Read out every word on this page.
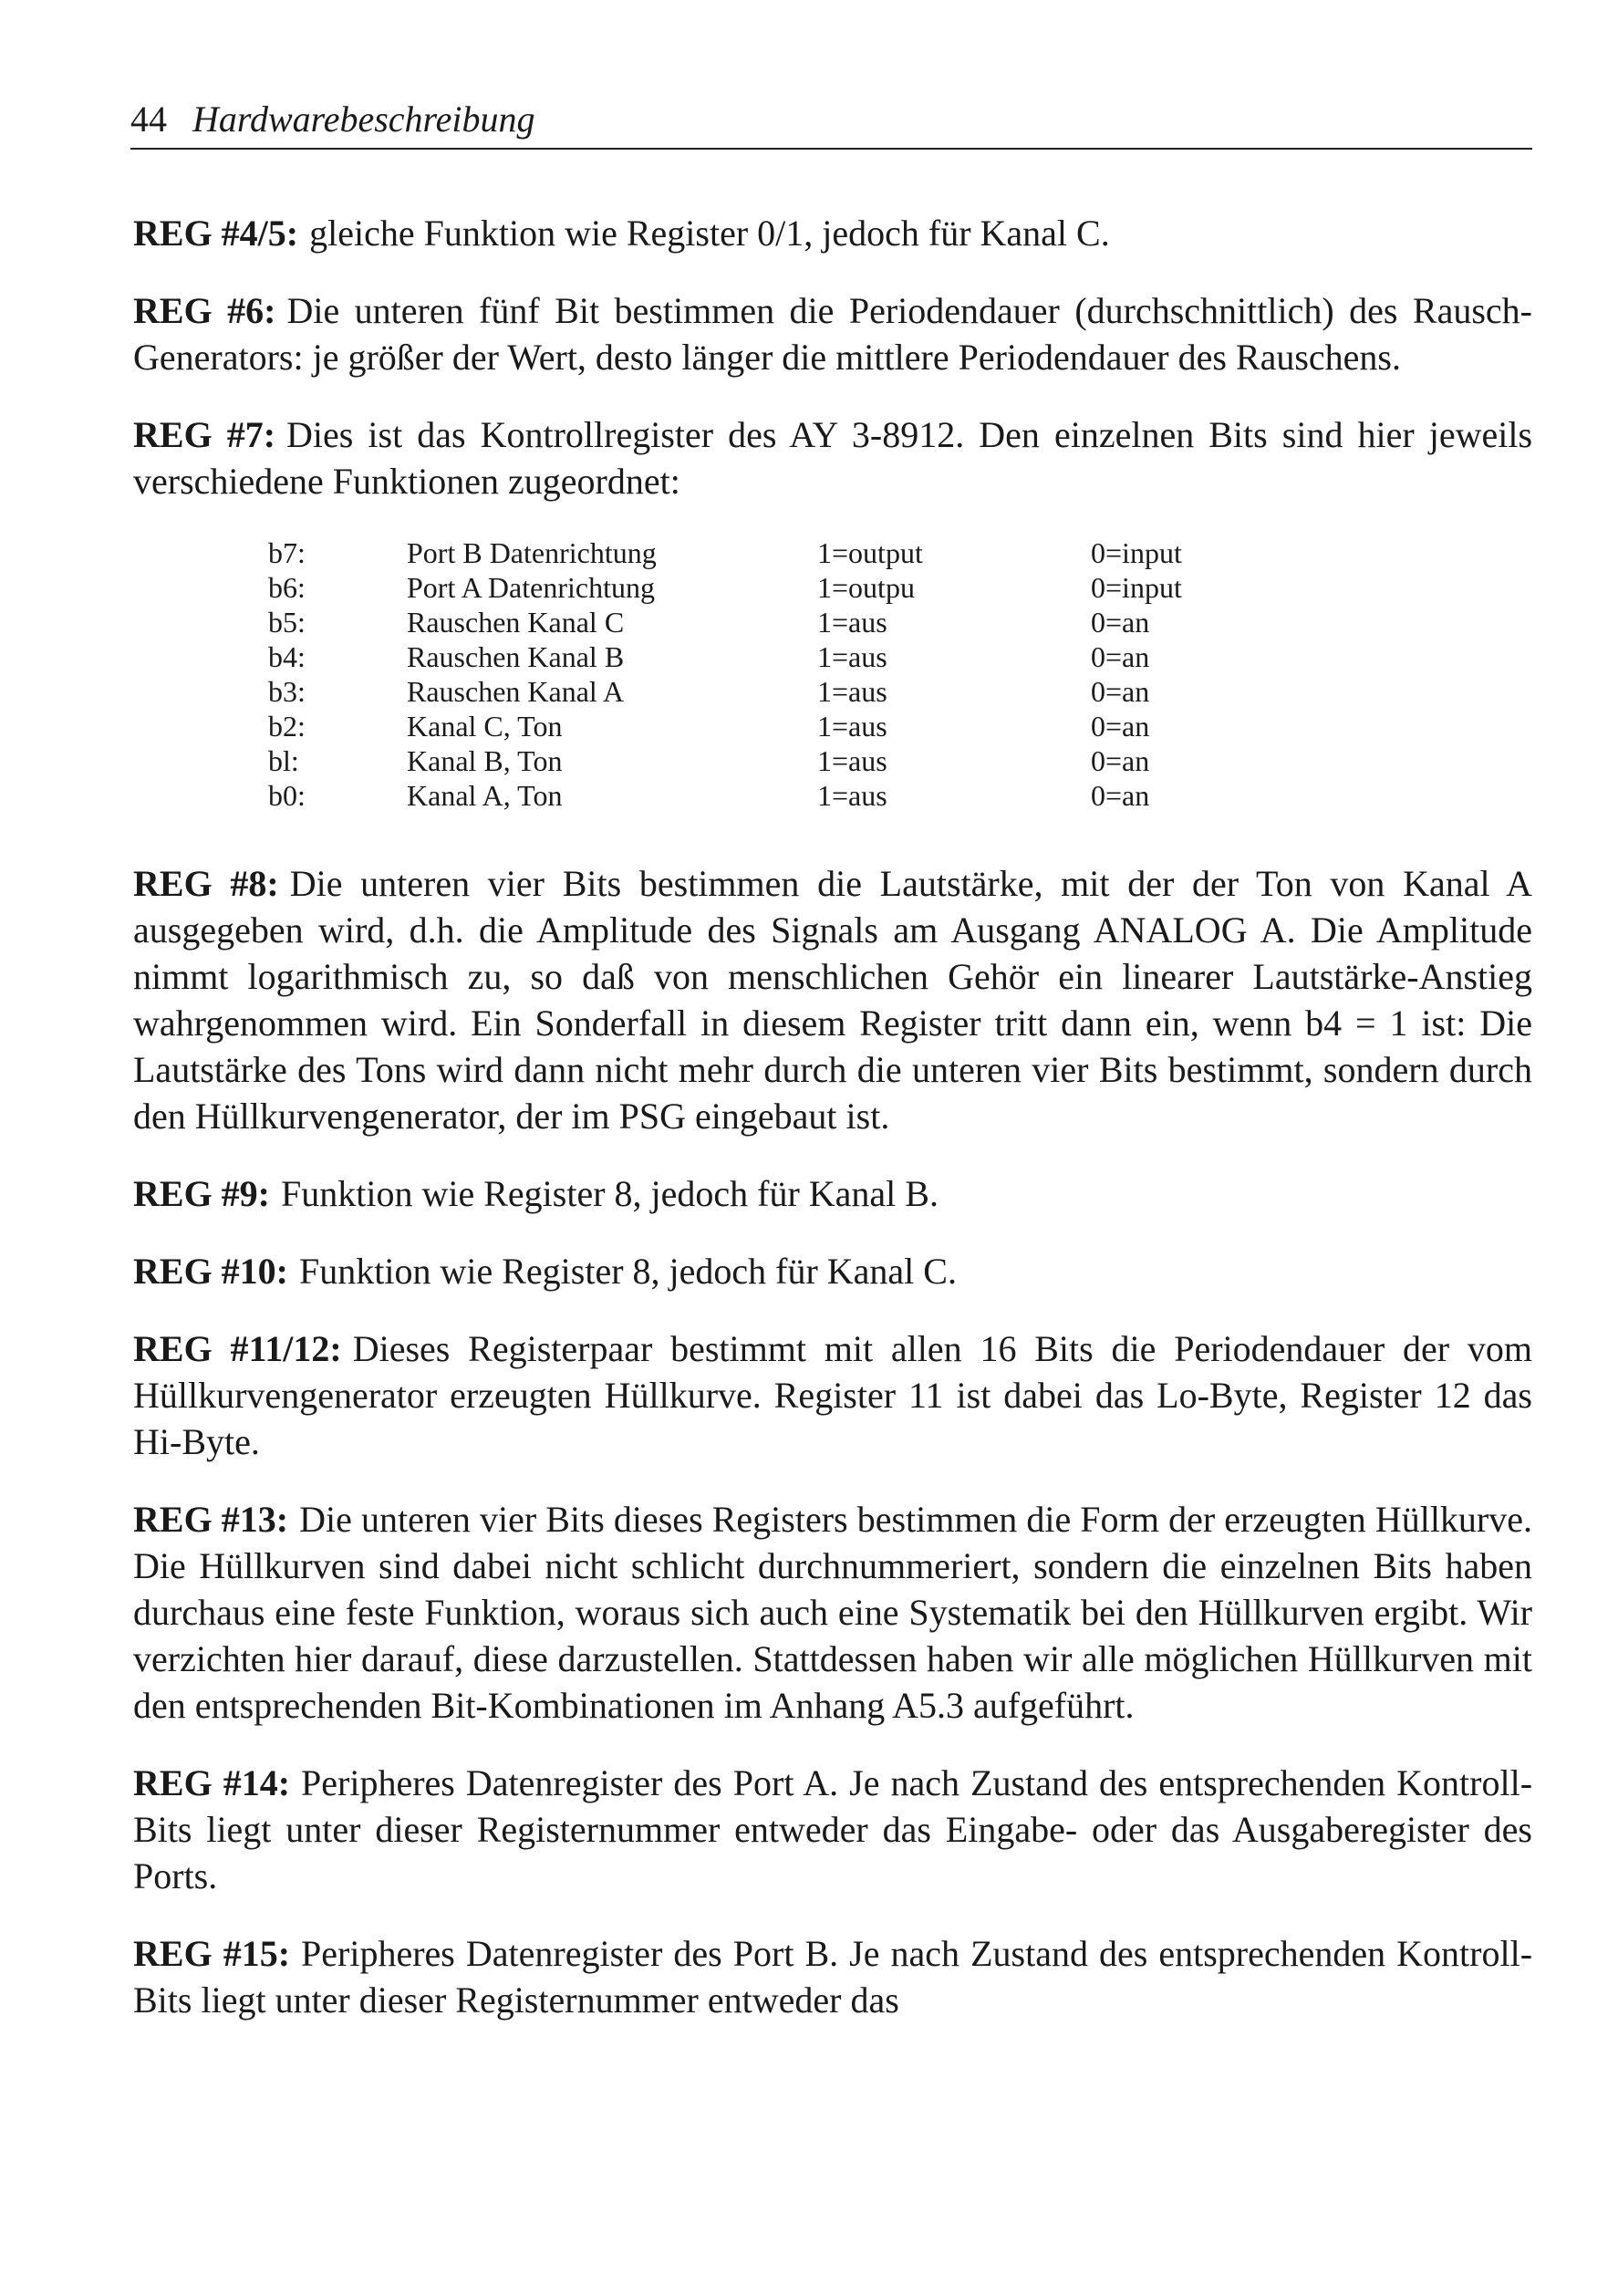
44 Hardwarebeschreibung

REG #4/5: gleiche Funktion wie Register 0/1, jedoch für Kanal C.

REG #6: Die unteren fünf Bit bestimmen die Periodendauer (durchschnittlich) des Rausch-Generators: je größer der Wert, desto länger die mittlere Periodendauer des Rauschens.

REG #7: Dies ist das Kontrollregister des AY 3-8912. Den einzelnen Bits sind hier jeweils verschiedene Funktionen zugeordnet:

b7:	Port B Datenrichtung	1=output	0=input
b6:	Port A Datenrichtung	1=outpu	0=input
b5:	Rauschen Kanal C	1=aus	0=an
b4:	Rauschen Kanal B	1=aus	0=an
b3:	Rauschen Kanal A	1=aus	0=an
b2:	Kanal C, Ton	1=aus	0=an
bl:	Kanal B, Ton	1=aus	0=an
b0:	Kanal A, Ton	1=aus	0=an

REG #8: Die unteren vier Bits bestimmen die Lautstärke, mit der der Ton von Kanal A ausgegeben wird, d.h. die Amplitude des Signals am Ausgang ANALOG A. Die Amplitude nimmt logarithmisch zu, so daß von menschlichen Gehör ein linearer Lautstärke-Anstieg wahrgenommen wird. Ein Sonderfall in diesem Register tritt dann ein, wenn b4 = 1 ist: Die Lautstärke des Tons wird dann nicht mehr durch die unteren vier Bits bestimmt, sondern durch den Hüllkurvengenerator, der im PSG eingebaut ist.

REG #9: Funktion wie Register 8, jedoch für Kanal B.

REG #10: Funktion wie Register 8, jedoch für Kanal C.

REG #11/12: Dieses Registerpaar bestimmt mit allen 16 Bits die Periodendauer der vom Hüllkurvengenerator erzeugten Hüllkurve. Register 11 ist dabei das Lo-Byte, Register 12 das Hi-Byte.

REG #13: Die unteren vier Bits dieses Registers bestimmen die Form der erzeugten Hüllkurve. Die Hüllkurven sind dabei nicht schlicht durchnummeriert, sondern die einzelnen Bits haben durchaus eine feste Funktion, woraus sich auch eine Systematik bei den Hüllkurven ergibt. Wir verzichten hier darauf, diese darzustellen. Stattdessen haben wir alle möglichen Hüllkurven mit den entsprechenden Bit-Kombinationen im Anhang A5.3 aufgeführt.

REG #14: Peripheres Datenregister des Port A. Je nach Zustand des entsprechenden Kontroll-Bits liegt unter dieser Registernummer entweder das Eingabe- oder das Ausgaberegister des Ports.

REG #15: Peripheres Datenregister des Port B. Je nach Zustand des entsprechenden Kontroll-Bits liegt unter dieser Registernummer entweder das
